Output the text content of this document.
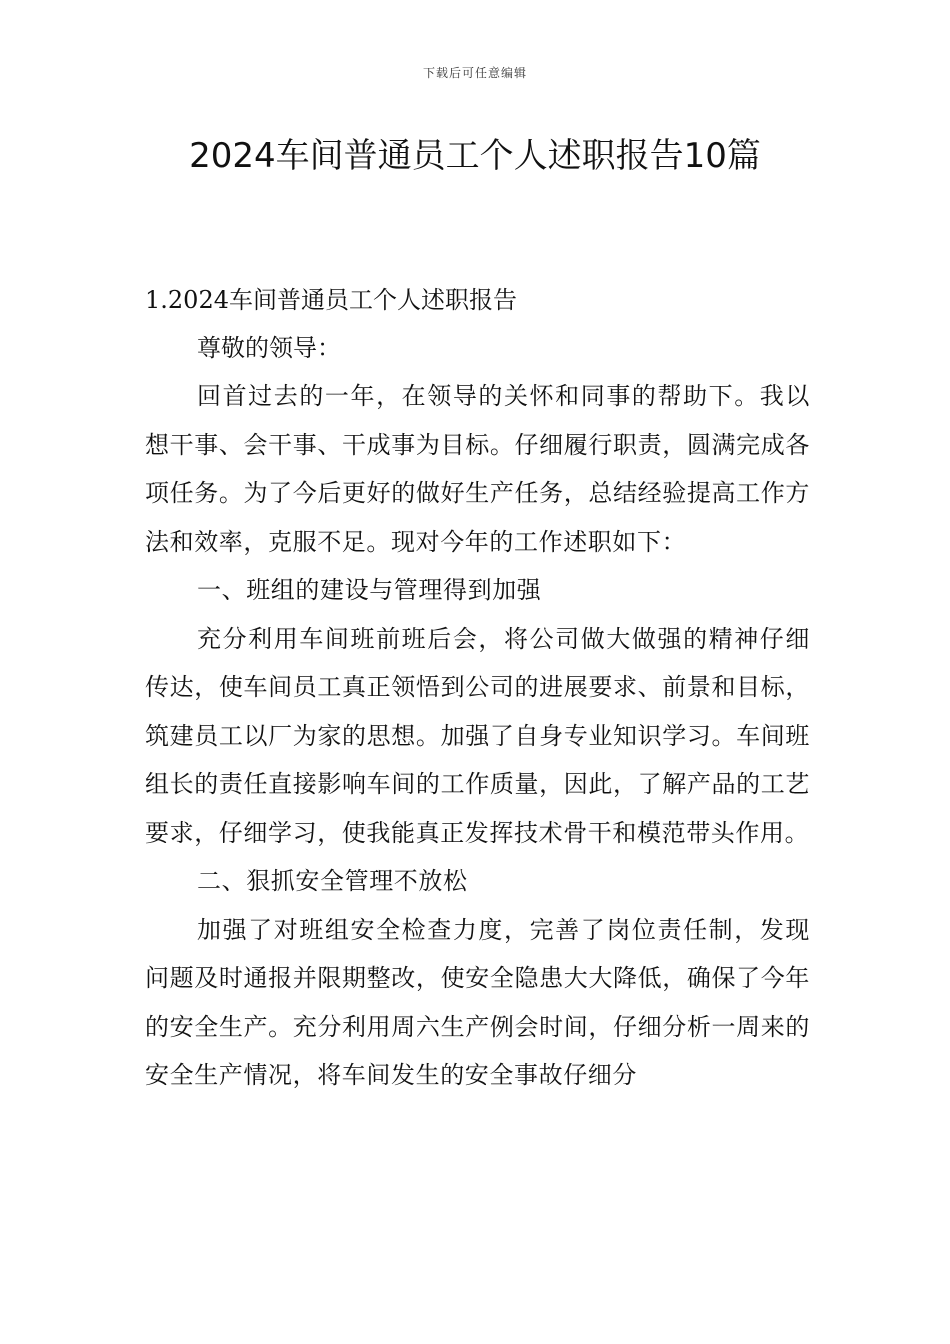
下载后可任意编辑
2024车间普通员工个人述职报告10篇

1.2024车间普通员工个人述职报告

尊敬的领导：

回首过去的一年，在领导的关怀和同事的帮助下。我以想干事、会干事、干成事为目标。仔细履行职责，圆满完成各项任务。为了今后更好的做好生产任务，总结经验提高工作方法和效率，克服不足。现对今年的工作述职如下：

一、班组的建设与管理得到加强

充分利用车间班前班后会，将公司做大做强的精神仔细传达，使车间员工真正领悟到公司的进展要求、前景和目标，筑建员工以厂为家的思想。加强了自身专业知识学习。车间班组长的责任直接影响车间的工作质量，因此，了解产品的工艺要求，仔细学习，使我能真正发挥技术骨干和模范带头作用。

二、狠抓安全管理不放松

加强了对班组安全检查力度，完善了岗位责任制，发现问题及时通报并限期整改，使安全隐患大大降低，确保了今年的安全生产。充分利用周六生产例会时间，仔细分析一周来的安全生产情况，将车间发生的安全事故仔细分
